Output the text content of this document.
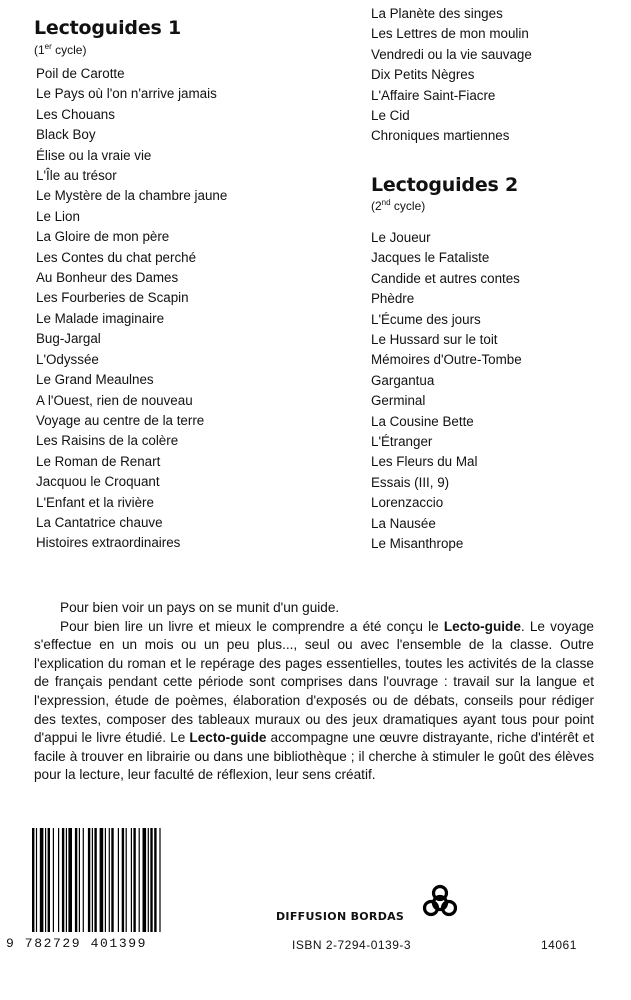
Lectoguides 1
(1er cycle)
Poil de Carotte
Le Pays où l'on n'arrive jamais
Les Chouans
Black Boy
Élise ou la vraie vie
L'Île au trésor
Le Mystère de la chambre jaune
Le Lion
La Gloire de mon père
Les Contes du chat perché
Au Bonheur des Dames
Les Fourberies de Scapin
Le Malade imaginaire
Bug-Jargal
L'Odyssée
Le Grand Meaulnes
A l'Ouest, rien de nouveau
Voyage au centre de la terre
Les Raisins de la colère
Le Roman de Renart
Jacquou le Croquant
L'Enfant et la rivière
La Cantatrice chauve
Histoires extraordinaires
La Planète des singes
Les Lettres de mon moulin
Vendredi ou la vie sauvage
Dix Petits Nègres
L'Affaire Saint-Fiacre
Le Cid
Chroniques martiennes
Lectoguides 2
(2nd cycle)
Le Joueur
Jacques le Fataliste
Candide et autres contes
Phèdre
L'Écume des jours
Le Hussard sur le toit
Mémoires d'Outre-Tombe
Gargantua
Germinal
La Cousine Bette
L'Étranger
Les Fleurs du Mal
Essais (III, 9)
Lorenzaccio
La Nausée
Le Misanthrope

Pour bien voir un pays on se munit d'un guide.

Pour bien lire un livre et mieux le comprendre a été conçu le Lecto-guide. Le voyage s'effectue en un mois ou un peu plus..., seul ou avec l'ensemble de la classe. Outre l'explication du roman et le repérage des pages essentielles, toutes les activités de la classe de français pendant cette période sont comprises dans l'ouvrage : travail sur la langue et l'expression, étude de poèmes, élaboration d'exposés ou de débats, conseils pour rédiger des textes, composer des tableaux muraux ou des jeux dramatiques ayant tous pour point d'appui le livre étudié. Le Lecto-guide accompagne une œuvre distrayante, riche d'intérêt et facile à trouver en librairie ou dans une bibliothèque ; il cherche à stimuler le goût des élèves pour la lecture, leur faculté de réflexion, leur sens créatif.

9 782729 401399
DIFFUSION BORDAS
ISBN 2-7294-0139-3	14061
